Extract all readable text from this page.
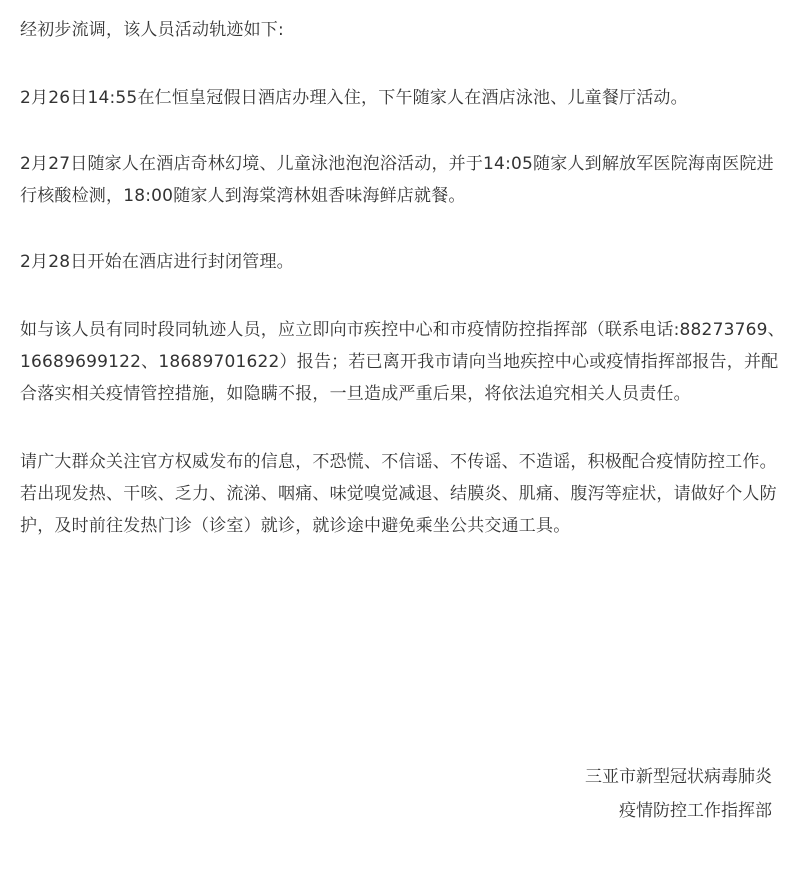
经初步流调，该人员活动轨迹如下:

2月26日14:55在仁恒皇冠假日酒店办理入住，下午随家人在酒店泳池、儿童餐厅活动。

2月27日随家人在酒店奇林幻境、儿童泳池泡泡浴活动，并于14:05随家人到解放军医院海南医院进行核酸检测，18:00随家人到海棠湾林姐香味海鲜店就餐。

2月28日开始在酒店进行封闭管理。

如与该人员有同时段同轨迹人员，应立即向市疾控中心和市疫情防控指挥部（联系电话:88273769、16689699122、18689701622）报告；若已离开我市请向当地疾控中心或疫情指挥部报告，并配合落实相关疫情管控措施，如隐瞒不报，一旦造成严重后果，将依法追究相关人员责任。

请广大群众关注官方权威发布的信息，不恐慌、不信谣、不传谣、不造谣，积极配合疫情防控工作。若出现发热、干咳、乏力、流涕、咽痛、味觉嗅觉减退、结膜炎、肌痛、腹泻等症状，请做好个人防护，及时前往发热门诊（诊室）就诊，就诊途中避免乘坐公共交通工具。

三亚市新型冠状病毒肺炎
疫情防控工作指挥部
